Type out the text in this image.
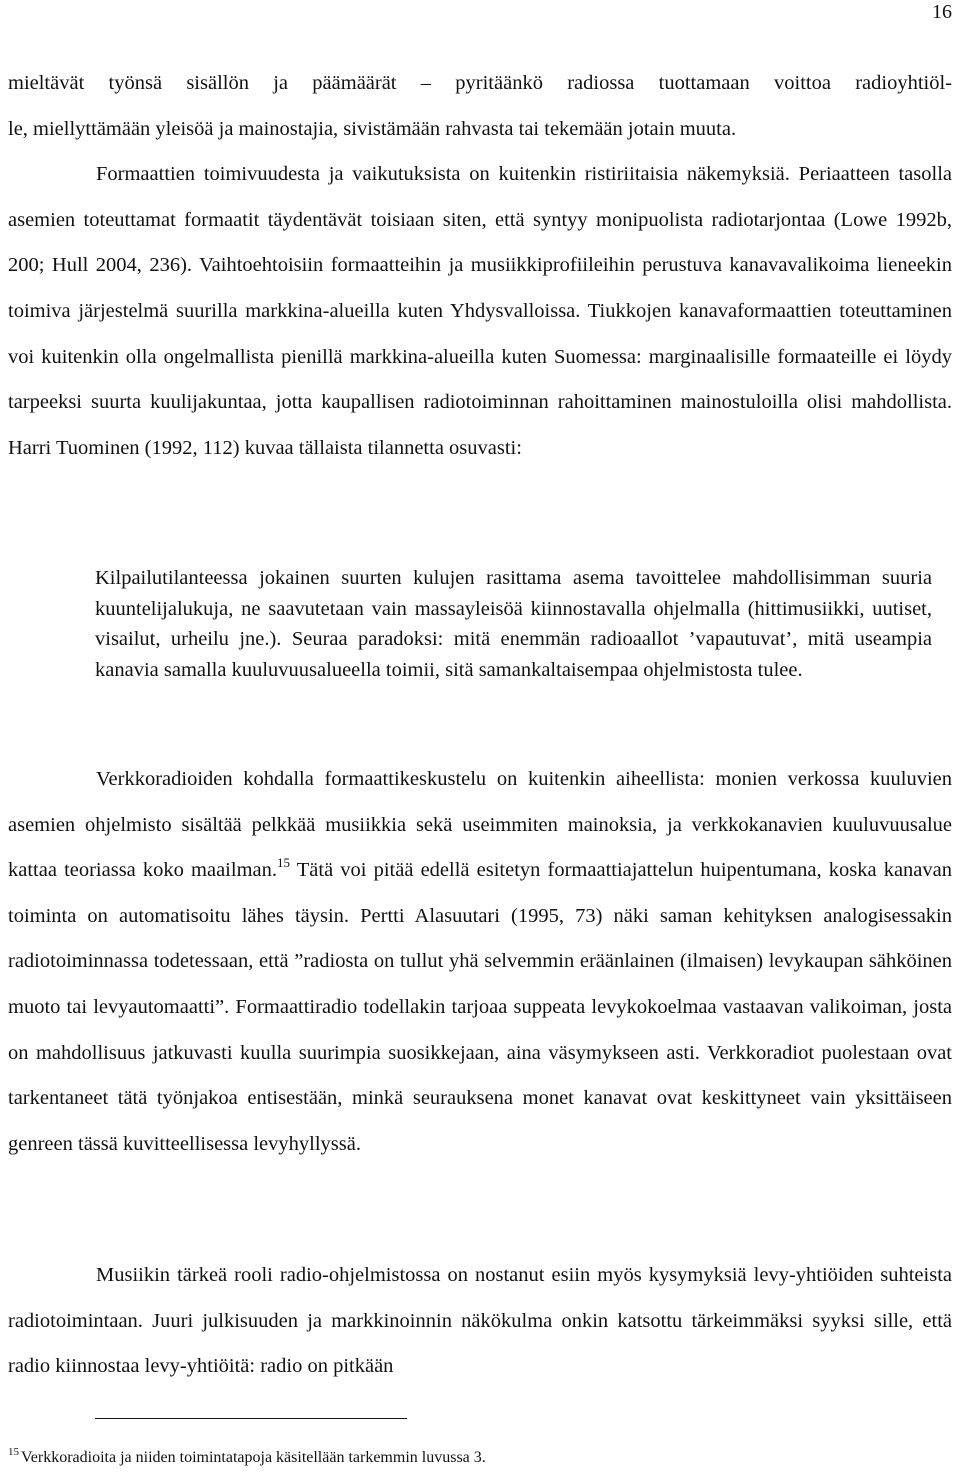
16
mieltävät työnsä sisällön ja päämäärät – pyritäänkö radiossa tuottamaan voittoa radioyhtiöl-
le, miellyttämään yleisöä ja mainostajia, sivistämään rahvasta tai tekemään jotain muuta.

Formaattien toimivuudesta ja vaikutuksista on kuitenkin ristiriitaisia näkemyksiä. Periaatteen tasolla asemien toteuttamat formaatit täydentävät toisiaan siten, että syntyy monipuolista radiotarjontaa (Lowe 1992b, 200; Hull 2004, 236). Vaihtoehtoisiin formaatteihin ja musiikkiprofiileihin perustuva kanavavalikoima lieneekin toimiva järjestelmä suurilla markkina-alueilla kuten Yhdysvalloissa. Tiukkojen kanavaformaattien toteuttaminen voi kuitenkin olla ongelmallista pienillä markkina-alueilla kuten Suomessa: marginaalisille formaateille ei löydy tarpeeksi suurta kuulijakuntaa, jotta kaupallisen radiotoiminnan rahoittaminen mainostuloilla olisi mahdollista. Harri Tuominen (1992, 112) kuvaa tällaista tilannetta osuvasti:

Kilpailutilanteessa jokainen suurten kulujen rasittama asema tavoittelee mahdollisimman suuria kuuntelijalukuja, ne saavutetaan vain massayleisöä kiinnostavalla ohjelmalla (hittimusiikki, uutiset, visailut, urheilu jne.). Seuraa paradoksi: mitä enemmän radioaallot ’vapautuvat’, mitä useampia kanavia samalla kuuluvuusalueella toimii, sitä samankaltaisempaa ohjelmistosta tulee.

Verkkoradioiden kohdalla formaattikeskustelu on kuitenkin aiheellista: monien verkossa kuuluvien asemien ohjelmisto sisältää pelkkää musiikkia sekä useimmiten mainoksia, ja verkkokanavien kuuluvuusalue kattaa teoriassa koko maailman.$^{15}$ Tätä voi pitää edellä esitetyn formaattiajattelun huipentumana, koska kanavan toiminta on automatisoitu lähes täysin. Pertti Alasuutari (1995, 73) näki saman kehityksen analogisessakin radiotoiminnassa todetessaan, että ”radiosta on tullut yhä selvemmin eräänlainen (ilmaisen) levykaupan sähköinen muoto tai levyautomaatti”. Formaattiradio todellakin tarjoaa suppeata levykokoelmaa vastaavan valikoiman, josta on mahdollisuus jatkuvasti kuulla suurimpia suosikkejaan, aina väsymykseen asti. Verkkoradiot puolestaan ovat tarkentaneet tätä työnjakoa entisestään, minkä seurauksena monet kanavat ovat keskittyneet vain yksittäiseen genreen tässä kuvitteellisessa levyhyllyssä.

Musiikin tärkeä rooli radio-ohjelmistossa on nostanut esiin myös kysymyksiä levy-yhtiöiden suhteista radiotoimintaan. Juuri julkisuuden ja markkinoinnin näkökulma onkin katsottu tärkeimmäksi syyksi sille, että radio kiinnostaa levy-yhtiöitä: radio on pitkään

$^{15}$ Verkkoradioita ja niiden toimintatapoja käsitellään tarkemmin luvussa 3.
